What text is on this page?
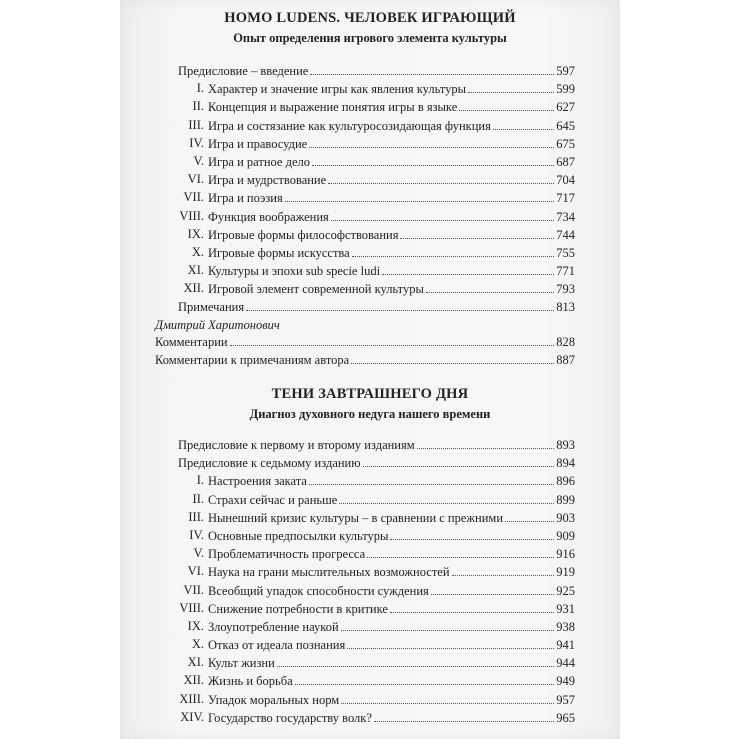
HOMO LUDENS. ЧЕЛОВЕК ИГРАЮЩИЙ
Опыт определения игрового элемента культуры
Предисловие – введение	597
I. Характер и значение игры как явления культуры	599
II. Концепция и выражение понятия игры в языке	627
III. Игра и состязание как культуросозидающая функция	645
IV. Игра и правосудие	675
V. Игра и ратное дело	687
VI. Игра и мудрствование	704
VII. Игра и поэзия	717
VIII. Функция воображения	734
IX. Игровые формы философствования	744
X. Игровые формы искусства	755
XI. Культуры и эпохи sub specie ludi	771
XII. Игровой элемент современной культуры	793
Примечания	813
Дмитрий Харитонович
Комментарии	828
Комментарии к примечаниям автора	887
ТЕНИ ЗАВТРАШНЕГО ДНЯ
Диагноз духовного недуга нашего времени
Предисловие к первому и второму изданиям	893
Предисловие к седьмому изданию	894
I. Настроения заката	896
II. Страхи сейчас и раньше	899
III. Нынешний кризис культуры – в сравнении с прежними	903
IV. Основные предпосылки культуры	909
V. Проблематичность прогресса	916
VI. Наука на грани мыслительных возможностей	919
VII. Всеобщий упадок способности суждения	925
VIII. Снижение потребности в критике	931
IX. Злоупотребление наукой	938
X. Отказ от идеала познания	941
XI. Культ жизни	944
XII. Жизнь и борьба	949
XIII. Упадок моральных норм	957
XIV. Государство государству волк?	965
